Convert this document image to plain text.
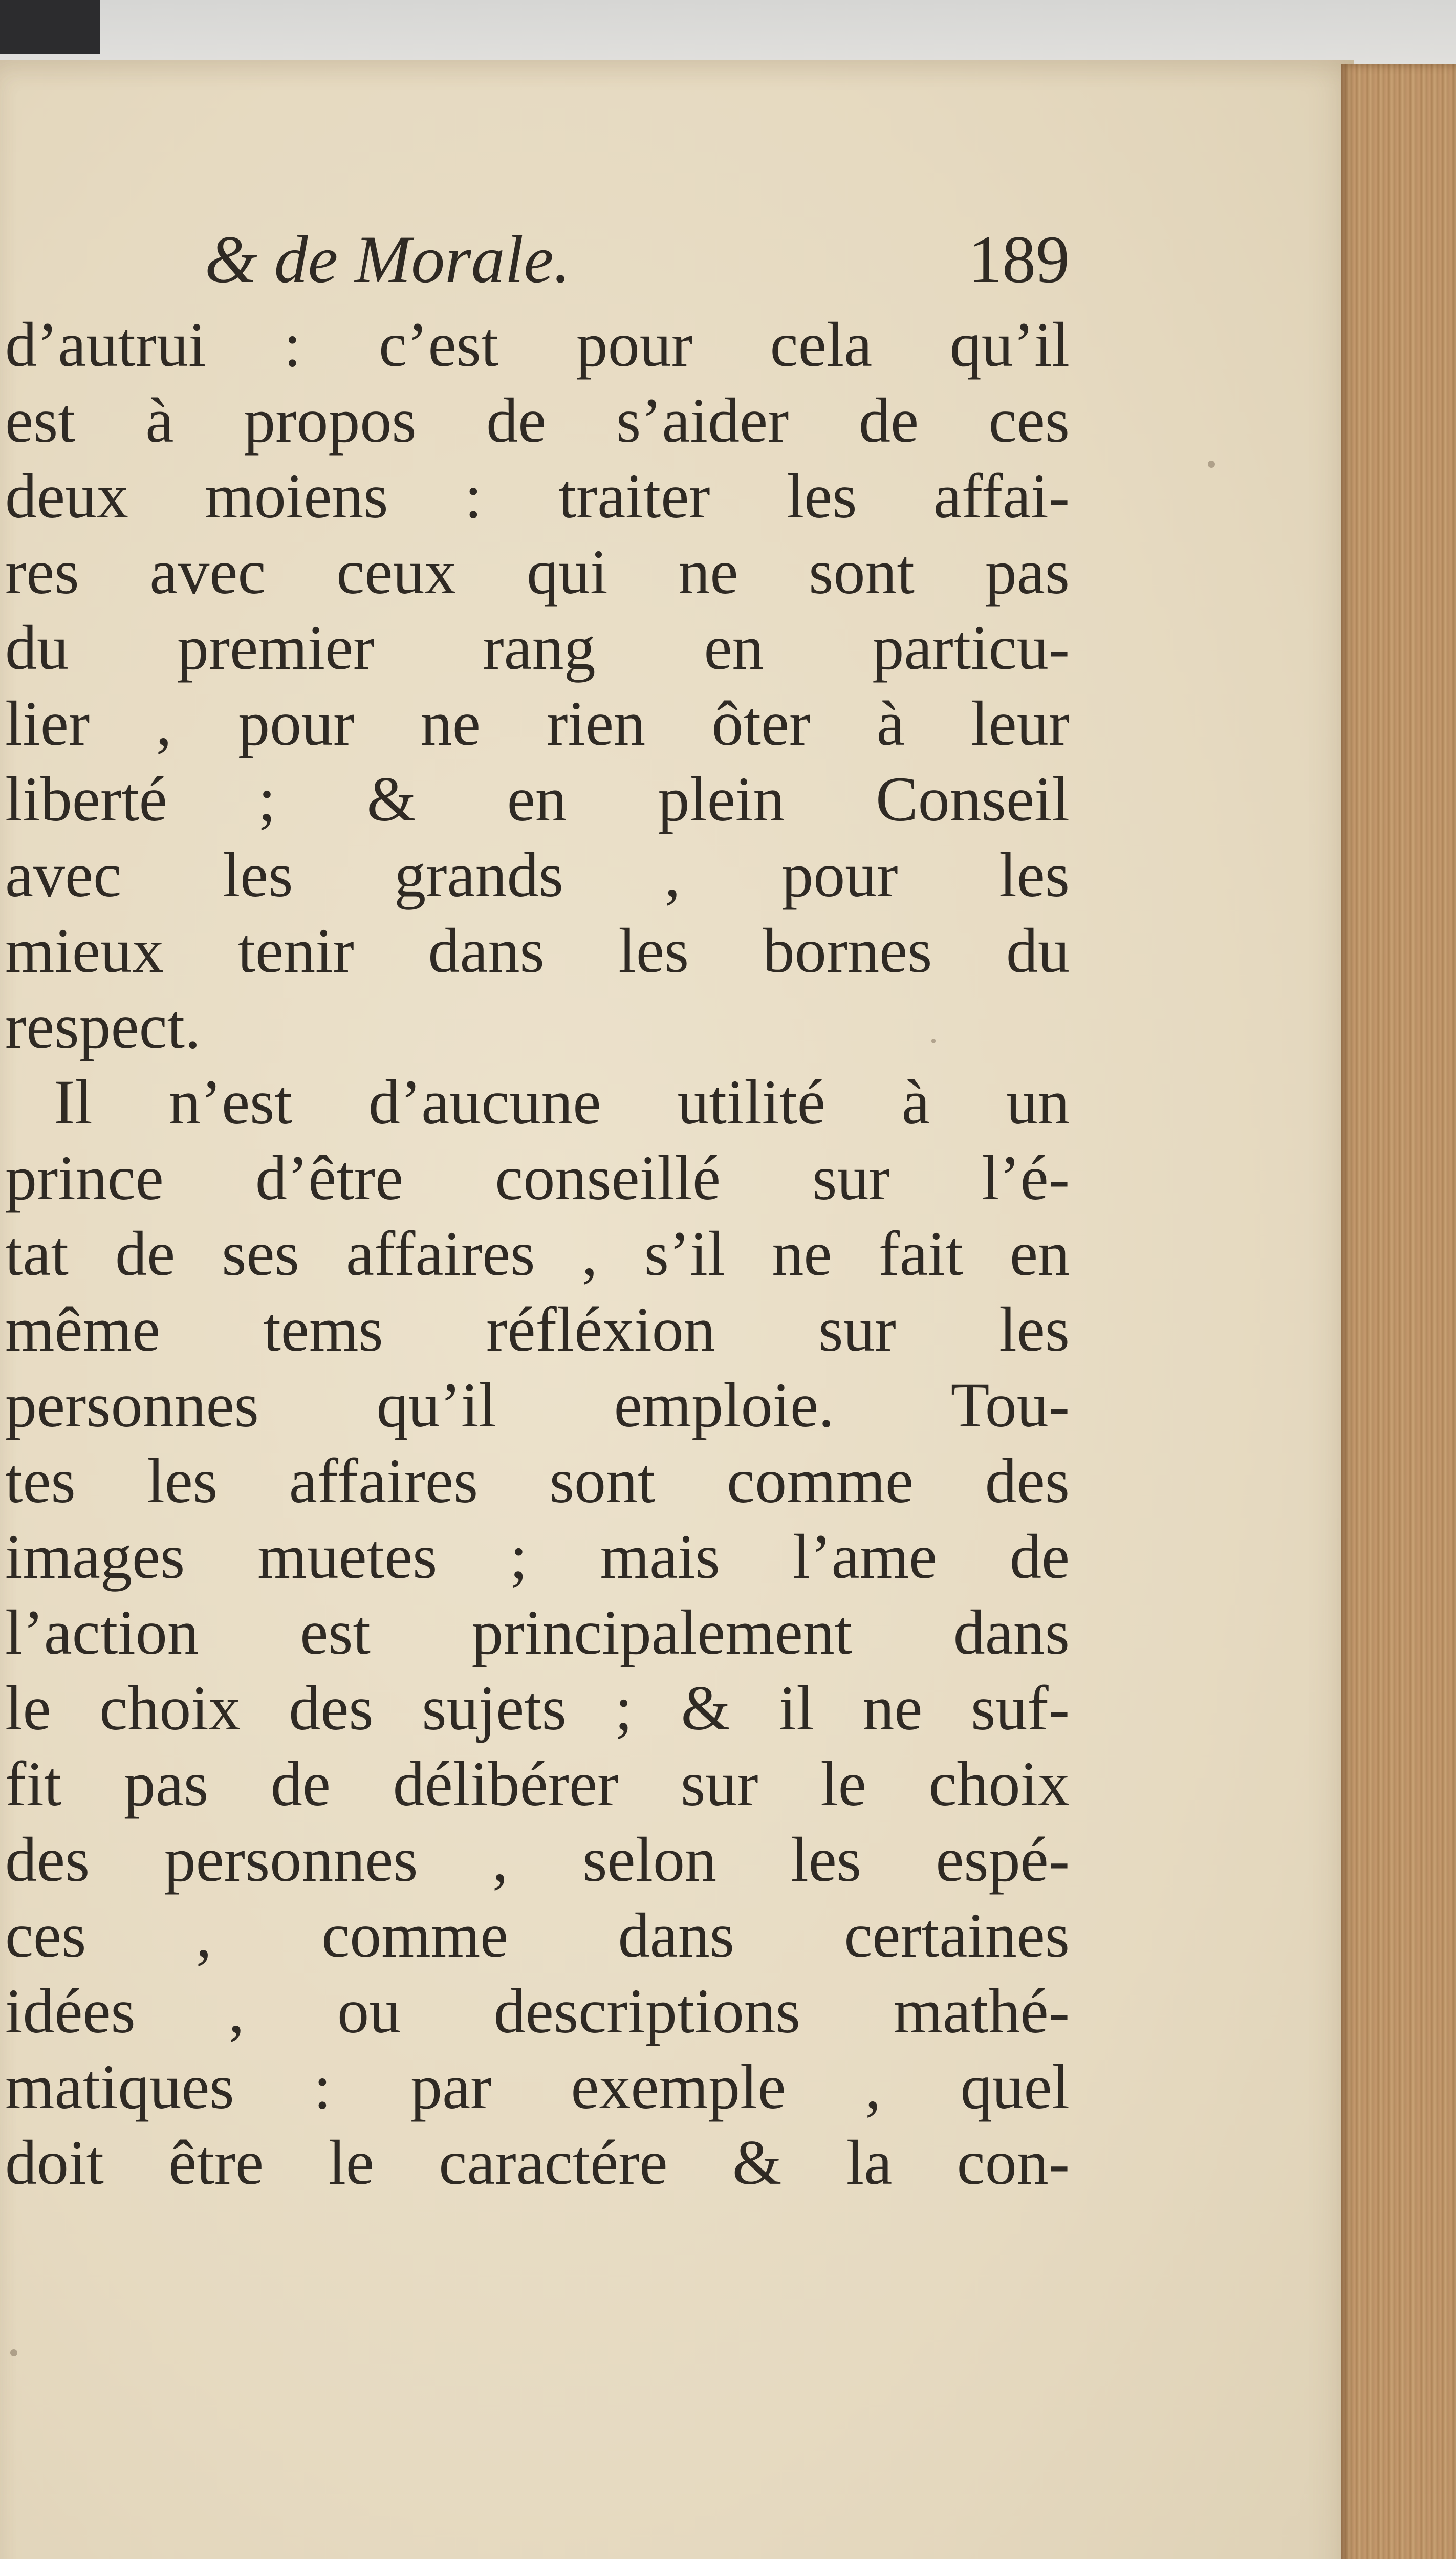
& de Morale.	189
d’autrui : c’est pour cela qu’il
est à propos de s’aider de ces
deux moiens : traiter les affai-
res avec ceux qui ne sont pas
du premier rang en particu-
lier , pour ne rien ôter à leur
liberté ; & en plein Conseil
avec les grands , pour les
mieux tenir dans les bornes du
respect.
Il n’est d’aucune utilité à un
prince d’être conseillé sur l’é-
tat de ses affaires , s’il ne fait en
même tems réfléxion sur les
personnes qu’il emploie. Tou-
tes les affaires sont comme des
images muetes ; mais l’ame de
l’action est principalement dans
le choix des sujets ; & il ne suf-
fit pas de délibérer sur le choix
des personnes , selon les espé-
ces , comme dans certaines
idées , ou descriptions mathé-
matiques : par exemple , quel
doit être le caractére & la con-
